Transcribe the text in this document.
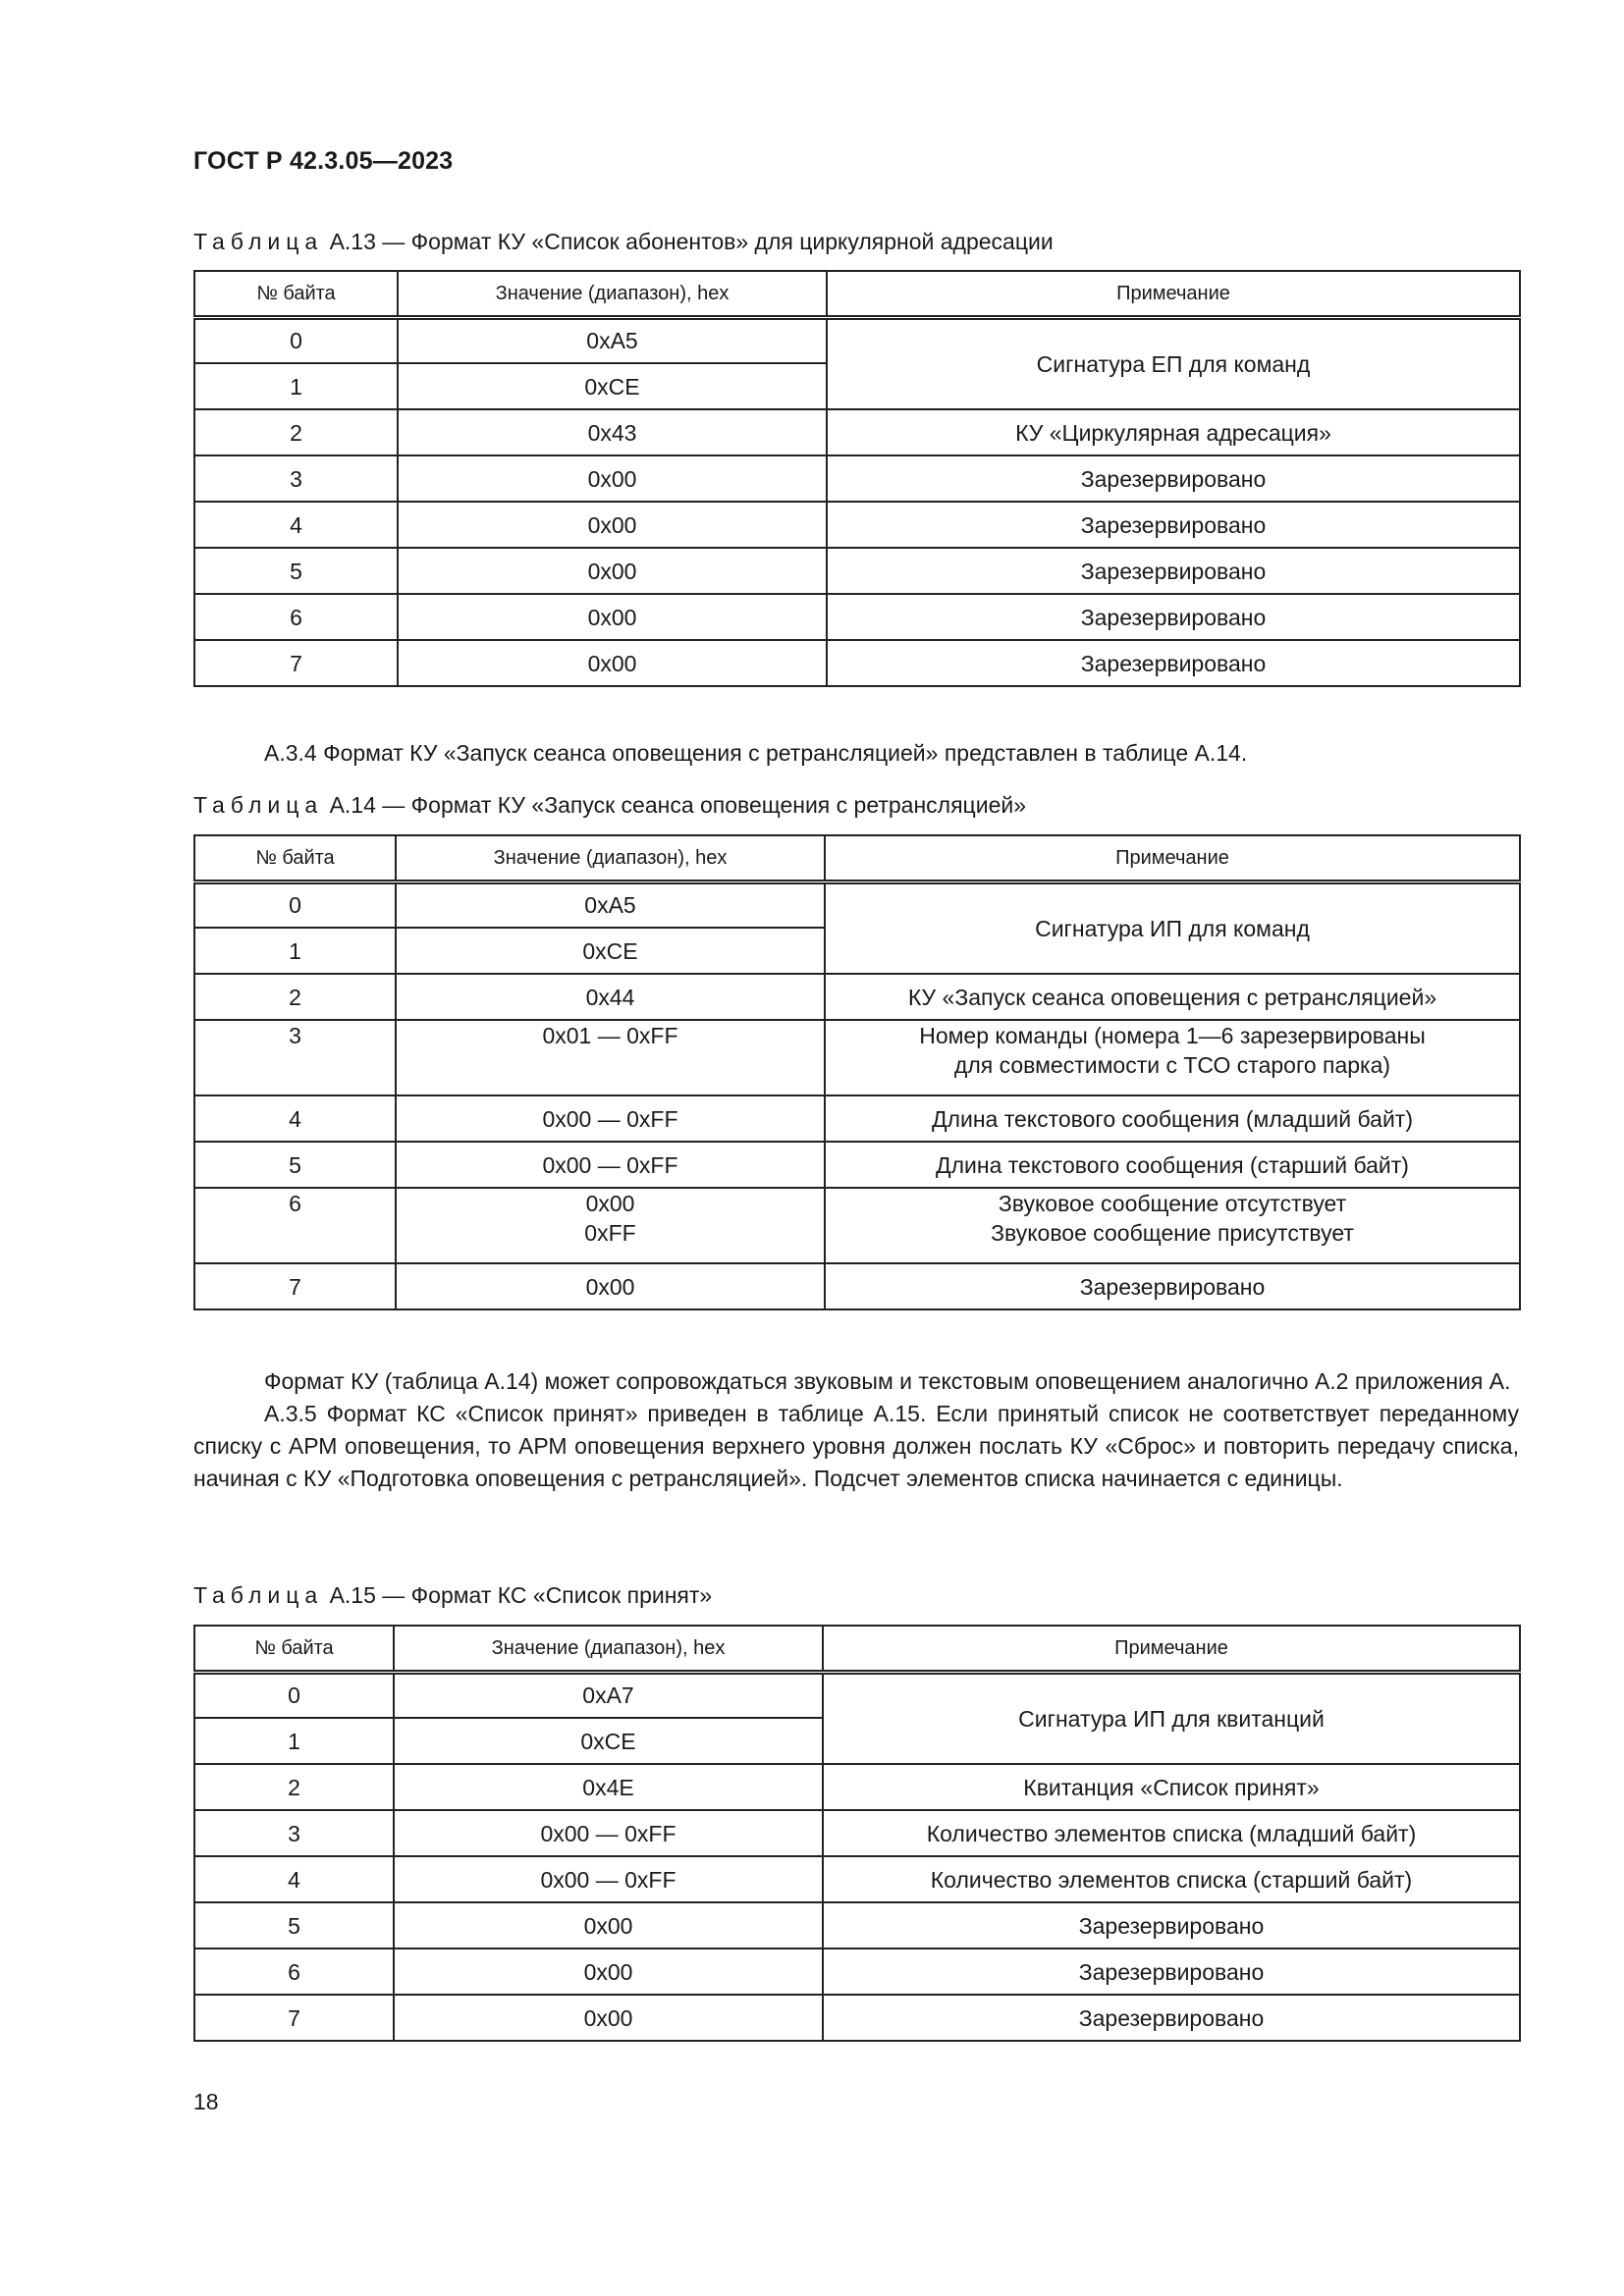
ГОСТ Р 42.3.05—2023
Таблица А.13 — Формат КУ «Список абонентов» для циркулярной адресации
№ байта	Значение (диапазон), hex	Примечание
0	0xA5	Сигнатура ЕП для команд

1	0xCE	

2	0x43	КУ «Циркулярная адресация»

3	0x00	Зарезервировано

4	0x00	Зарезервировано

5	0x00	Зарезервировано

6	0x00	Зарезервировано

7	0x00	Зарезервировано

А.3.4 Формат КУ «Запуск сеанса оповещения с ретрансляцией» представлен в таблице А.14.

Таблица А.14 — Формат КУ «Запуск сеанса оповещения с ретрансляцией»
№ байта	Значение (диапазон), hex	Примечание
0	0xA5	Сигнатура ИП для команд

1	0xCE	

2	0x44	КУ «Запуск сеанса оповещения с ретрансляцией»

3	0x01 — 0xFF	Номер команды (номера 1—6 зарезервированы
для совместимости с ТСО старого парка)

4	0x00 — 0xFF	Длина текстового сообщения (младший байт)

5	0x00 — 0xFF	Длина текстового сообщения (старший байт)

6	0x00
0xFF	Звуковое сообщение отсутствует
Звуковое сообщение присутствует

7	0x00	Зарезервировано

Формат КУ (таблица А.14) может сопровождаться звуковым и текстовым оповещением аналогично А.2 приложения А.

А.3.5 Формат КС «Список принят» приведен в таблице А.15. Если принятый список не соответствует переданному списку с АРМ оповещения, то АРМ оповещения верхнего уровня должен послать КУ «Сброс» и повторить передачу списка, начиная с КУ «Подготовка оповещения с ретрансляцией». Подсчет элементов списка начинается с единицы.

Таблица А.15 — Формат КС «Список принят»
№ байта	Значение (диапазон), hex	Примечание
0	0xA7	Сигнатура ИП для квитанций

1	0xCE	

2	0x4E	Квитанция «Список принят»

3	0x00 — 0xFF	Количество элементов списка (младший байт)

4	0x00 — 0xFF	Количество элементов списка (старший байт)

5	0x00	Зарезервировано

6	0x00	Зарезервировано

7	0x00	Зарезервировано
18
